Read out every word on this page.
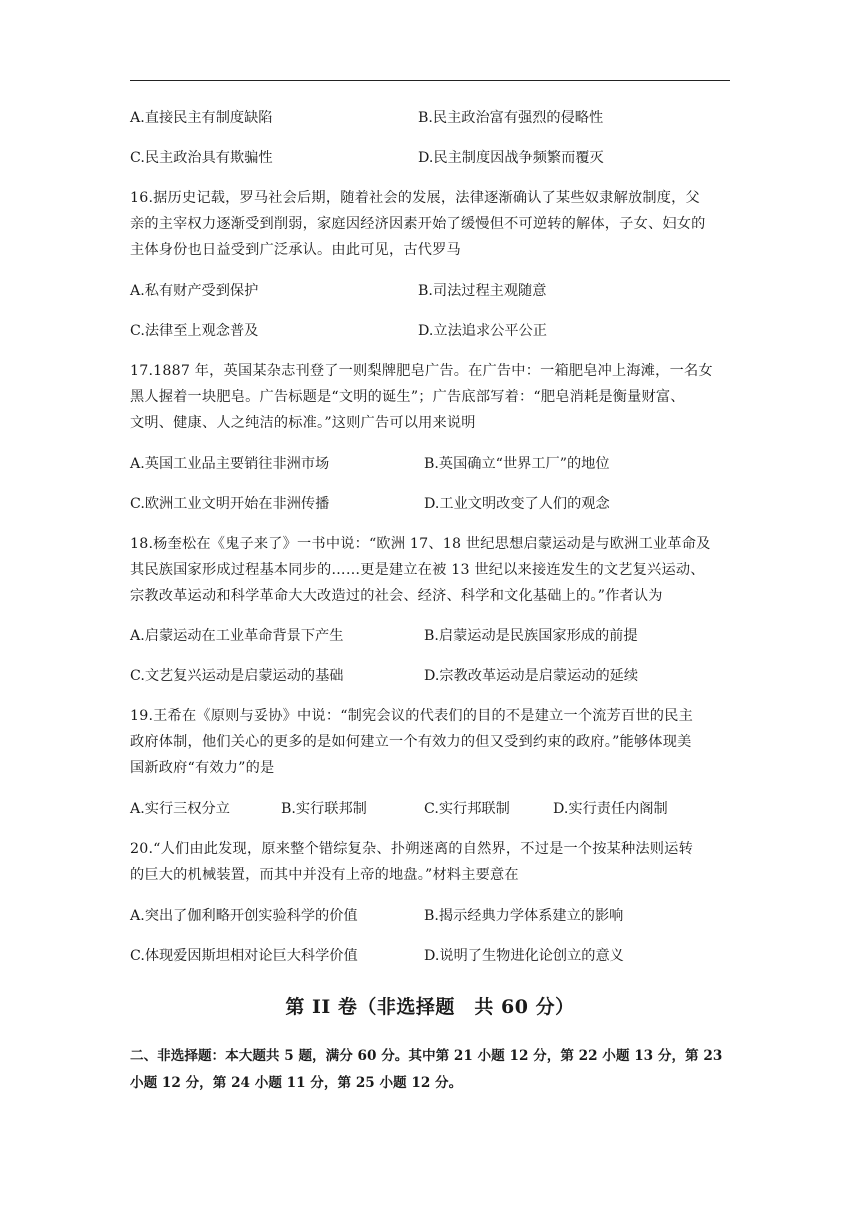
A.直接民主有制度缺陷	B.民主政治富有强烈的侵略性
C.民主政治具有欺骗性	D.民主制度因战争频繁而覆灭
16.据历史记载，罗马社会后期，随着社会的发展，法律逐渐确认了某些奴隶解放制度，父
亲的主宰权力逐渐受到削弱，家庭因经济因素开始了缓慢但不可逆转的解体，子女、妇女的
主体身份也日益受到广泛承认。由此可见，古代罗马
A.私有财产受到保护	B.司法过程主观随意
C.法律至上观念普及	D.立法追求公平公正
17.1887 年，英国某杂志刊登了一则梨牌肥皂广告。在广告中：一箱肥皂冲上海滩，一名女
黑人握着一块肥皂。广告标题是“文明的诞生”；广告底部写着：“肥皂消耗是衡量财富、
文明、健康、人之纯洁的标准。”这则广告可以用来说明
A.英国工业品主要销往非洲市场	B.英国确立“世界工厂”的地位
C.欧洲工业文明开始在非洲传播	D.工业文明改变了人们的观念
18.杨奎松在《鬼子来了》一书中说：“欧洲 17、18 世纪思想启蒙运动是与欧洲工业革命及
其民族国家形成过程基本同步的……更是建立在被 13 世纪以来接连发生的文艺复兴运动、
宗教改革运动和科学革命大大改造过的社会、经济、科学和文化基础上的。”作者认为
A.启蒙运动在工业革命背景下产生	B.启蒙运动是民族国家形成的前提
C.文艺复兴运动是启蒙运动的基础	D.宗教改革运动是启蒙运动的延续
19.王希在《原则与妥协》中说：“制宪会议的代表们的目的不是建立一个流芳百世的民主
政府体制，他们关心的更多的是如何建立一个有效力的但又受到约束的政府。”能够体现美
国新政府“有效力”的是
A.实行三权分立	B.实行联邦制	C.实行邦联制	D.实行责任内阁制
20.“人们由此发现，原来整个错综复杂、扑朔迷离的自然界，不过是一个按某种法则运转
的巨大的机械装置，而其中并没有上帝的地盘。”材料主要意在
A.突出了伽利略开创实验科学的价值	B.揭示经典力学体系建立的影响
C.体现爱因斯坦相对论巨大科学价值	D.说明了生物进化论创立的意义
第 II 卷（非选择题　共 60 分）
二、非选择题：本大题共 5 题，满分 60 分。其中第 21 小题 12 分，第 22 小题 13 分，第 23
小题 12 分，第 24 小题 11 分，第 25 小题 12 分。
